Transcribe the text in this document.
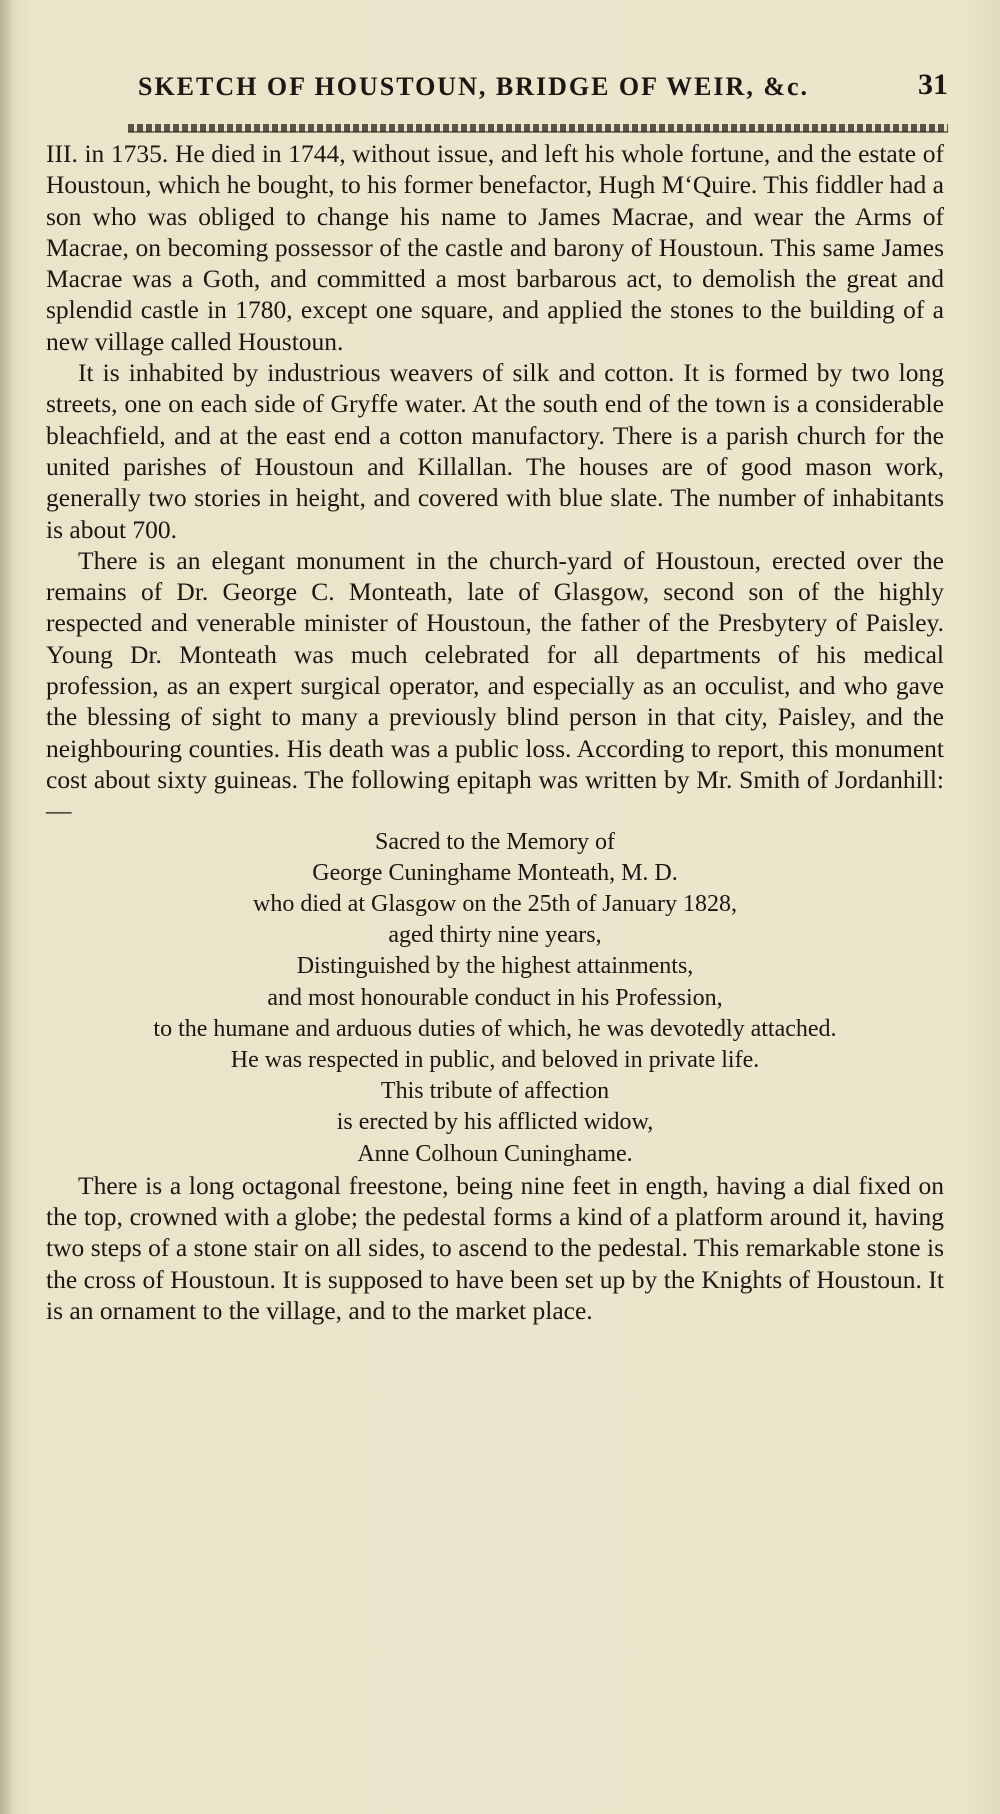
SKETCH OF HOUSTOUN, BRIDGE OF WEIR, &c.	31

III. in 1735. He died in 1744, without issue, and left his whole fortune, and the estate of Houstoun, which he bought, to his former benefactor, Hugh M‘Quire. This fiddler had a son who was obliged to change his name to James Macrae, and wear the Arms of Macrae, on becoming possessor of the castle and barony of Houstoun. This same James Macrae was a Goth, and committed a most barbarous act, to demolish the great and splendid castle in 1780, except one square, and applied the stones to the building of a new village called Houstoun.

It is inhabited by industrious weavers of silk and cotton. It is formed by two long streets, one on each side of Gryffe water. At the south end of the town is a considerable bleachfield, and at the east end a cotton manufactory. There is a parish church for the united parishes of Houstoun and Killallan. The houses are of good mason work, generally two stories in height, and covered with blue slate. The number of inhabitants is about 700.

There is an elegant monument in the church-yard of Houstoun, erected over the remains of Dr. George C. Monteath, late of Glasgow, second son of the highly respected and venerable minister of Houstoun, the father of the Presbytery of Paisley. Young Dr. Monteath was much celebrated for all departments of his medical profession, as an expert surgical operator, and especially as an occulist, and who gave the blessing of sight to many a previously blind person in that city, Paisley, and the neighbouring counties. His death was a public loss. According to report, this monument cost about sixty guineas. The following epitaph was written by Mr. Smith of Jordanhill:—

Sacred to the Memory of
George Cuninghame Monteath, M. D.
who died at Glasgow on the 25th of January 1828,
aged thirty nine years,
Distinguished by the highest attainments,
and most honourable conduct in his Profession,
to the humane and arduous duties of which, he was devotedly attached.
He was respected in public, and beloved in private life.
This tribute of affection
is erected by his afflicted widow,
Anne Colhoun Cuninghame.

There is a long octagonal freestone, being nine feet in ength, having a dial fixed on the top, crowned with a globe; the pedestal forms a kind of a platform around it, having two steps of a stone stair on all sides, to ascend to the pedestal. This remarkable stone is the cross of Houstoun. It is supposed to have been set up by the Knights of Houstoun. It is an ornament to the village, and to the market place.
